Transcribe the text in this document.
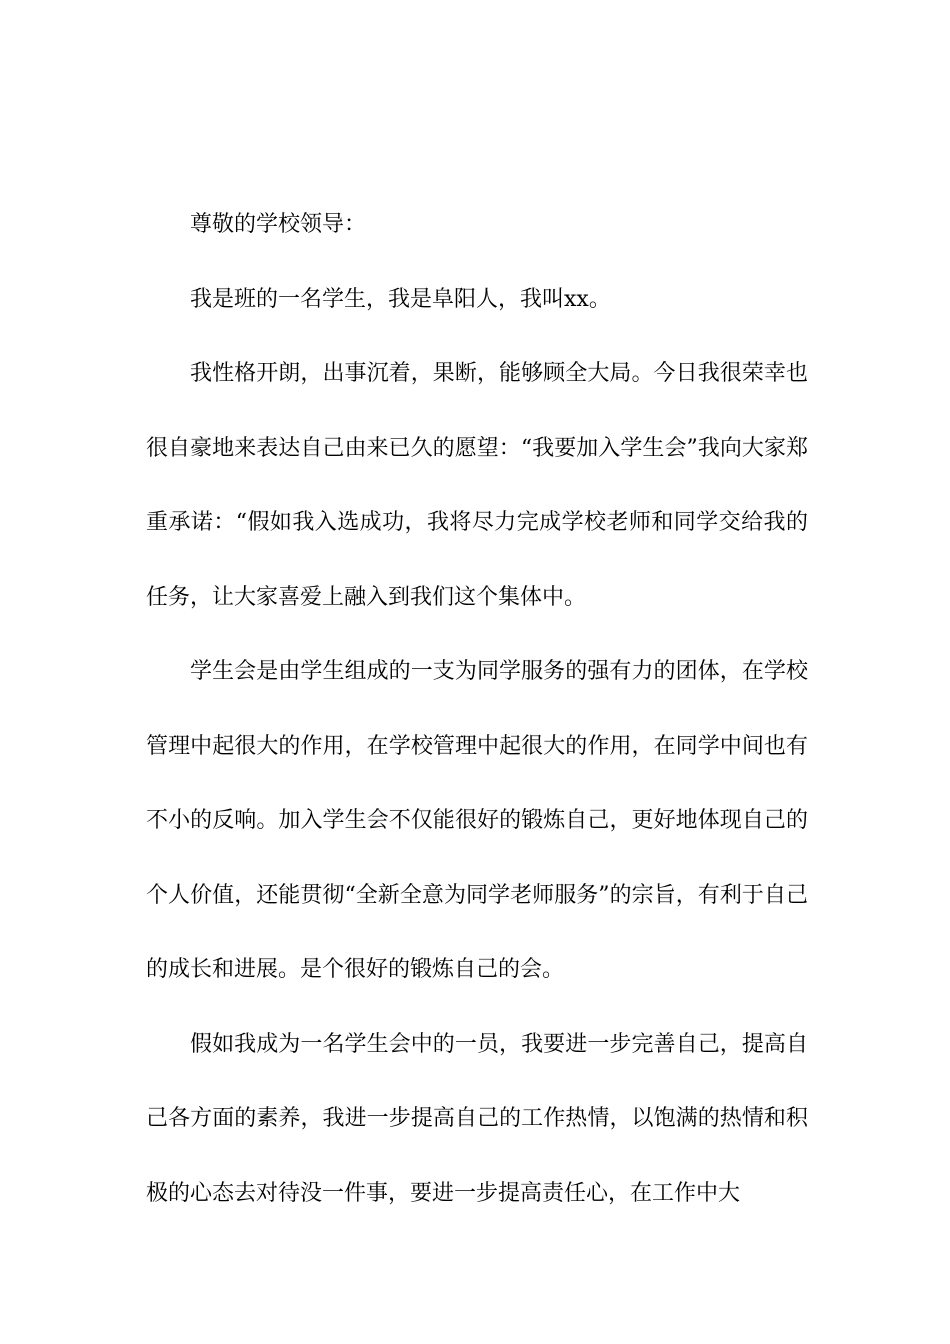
尊敬的学校领导：

我是班的一名学生，我是阜阳人，我叫xx。

我性格开朗，出事沉着，果断，能够顾全大局。今日我很荣幸也很自豪地来表达自己由来已久的愿望：“我要加入学生会”我向大家郑重承诺：“假如我入选成功，我将尽力完成学校老师和同学交给我的任务，让大家喜爱上融入到我们这个集体中。

学生会是由学生组成的一支为同学服务的强有力的团体，在学校管理中起很大的作用，在学校管理中起很大的作用，在同学中间也有不小的反响。加入学生会不仅能很好的锻炼自己，更好地体现自己的个人价值，还能贯彻“全新全意为同学老师服务”的宗旨，有利于自己的成长和进展。是个很好的锻炼自己的会。

假如我成为一名学生会中的一员，我要进一步完善自己，提高自己各方面的素养，我进一步提高自己的工作热情，以饱满的热情和积极的心态去对待没一件事，要进一步提高责任心，在工作中大
